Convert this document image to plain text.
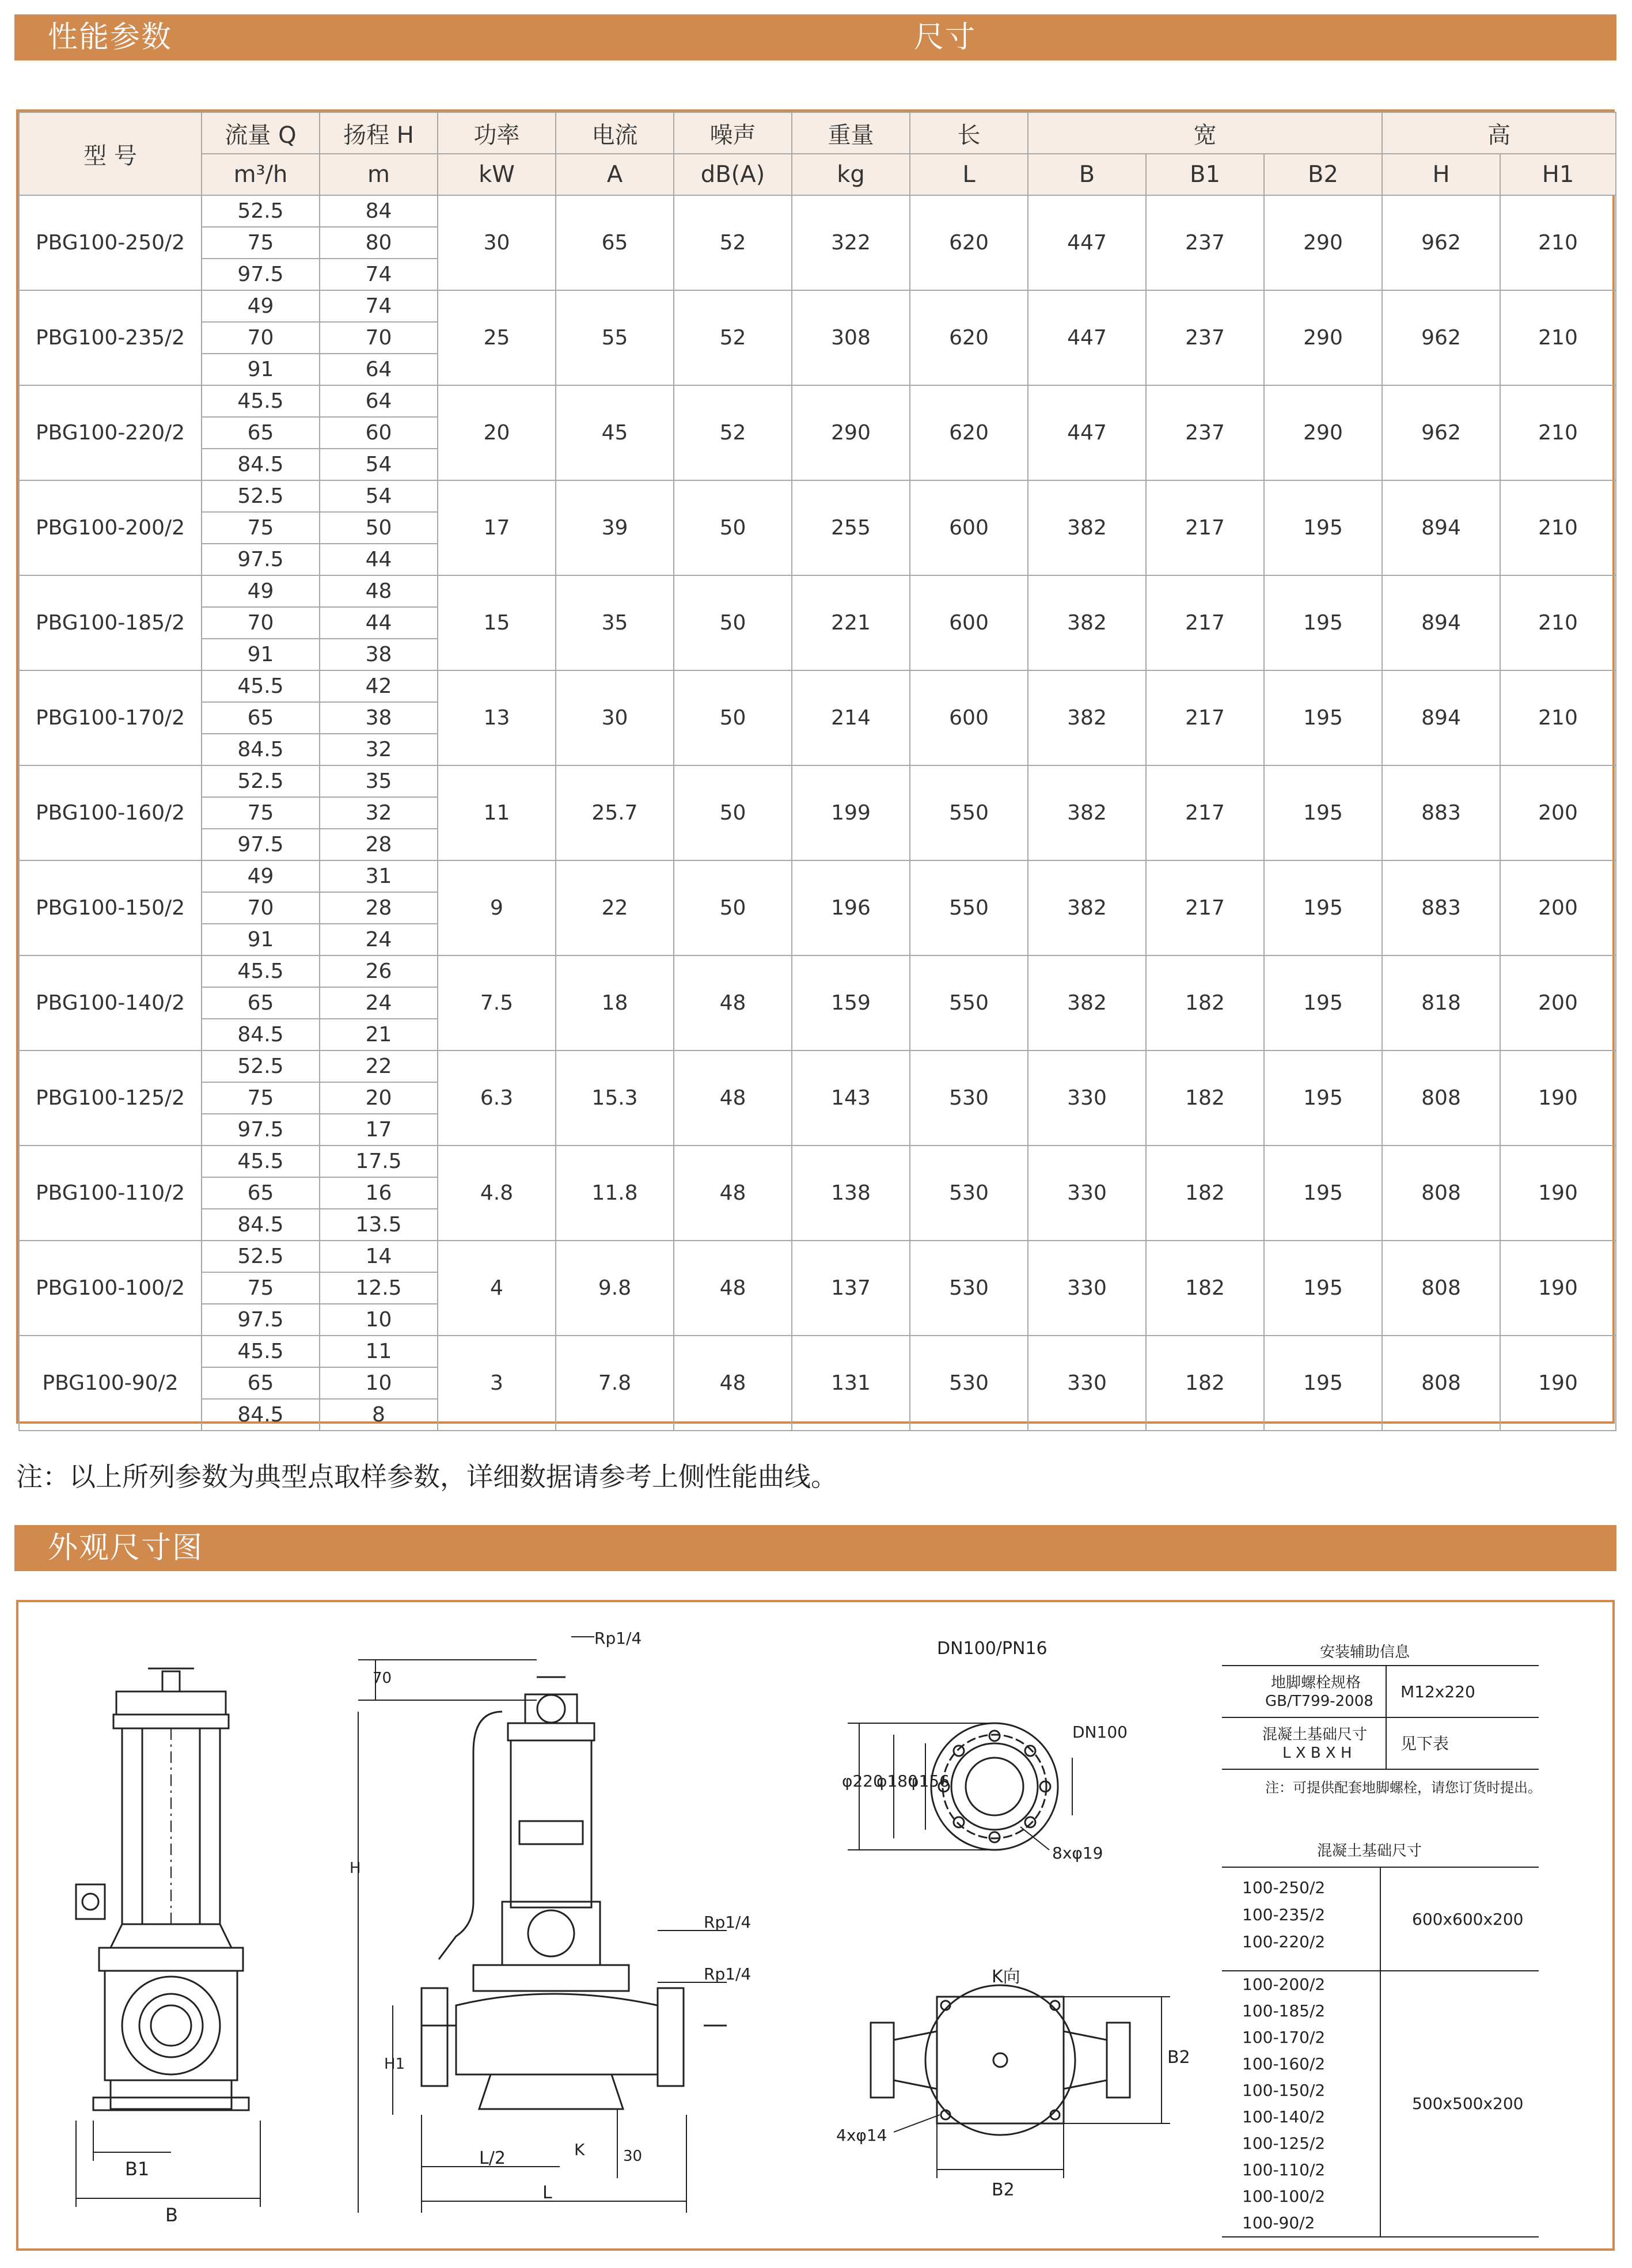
性能参数	尺寸
型 号	流量 Q	扬程 H	功率	电流	噪声	重量	长	宽			高	
	m³/h	m	kW	A	dB(A)	kg	L	B	B1	B2	H	H1
PBG100-250/2	52.5	84	30	65	52	322	620	447	237	290	962	210
	75	80										
	97.5	74										
PBG100-235/2	49	74	25	55	52	308	620	447	237	290	962	210
	70	70										
	91	64										
PBG100-220/2	45.5	64	20	45	52	290	620	447	237	290	962	210
	65	60										
	84.5	54										
PBG100-200/2	52.5	54	17	39	50	255	600	382	217	195	894	210
	75	50										
	97.5	44										
PBG100-185/2	49	48	15	35	50	221	600	382	217	195	894	210
	70	44										
	91	38										
PBG100-170/2	45.5	42	13	30	50	214	600	382	217	195	894	210
	65	38										
	84.5	32										
PBG100-160/2	52.5	35	11	25.7	50	199	550	382	217	195	883	200
	75	32										
	97.5	28										
PBG100-150/2	49	31	9	22	50	196	550	382	217	195	883	200
	70	28										
	91	24										
PBG100-140/2	45.5	26	7.5	18	48	159	550	382	182	195	818	200
	65	24										
	84.5	21										
PBG100-125/2	52.5	22	6.3	15.3	48	143	530	330	182	195	808	190
	75	20										
	97.5	17										
PBG100-110/2	45.5	17.5	4.8	11.8	48	138	530	330	182	195	808	190
	65	16										
	84.5	13.5										
PBG100-100/2	52.5	14	4	9.8	48	137	530	330	182	195	808	190
	75	12.5										
	97.5	10										
PBG100-90/2	45.5	11	3	7.8	48	131	530	330	182	195	808	190
	65	10										
	84.5	8										
注：以上所列参数为典型点取样参数，详细数据请参考上侧性能曲线。
外观尺寸图
B1
B
70
H
H1
L/2
L
K	30
Rp1/4
Rp1/4
Rp1/4
DN100/PN16
DN100
φ220
φ180
φ156
8xφ19
K向
4xφ14
B2
B2
安装辅助信息
地脚螺栓规格
GB/T799-2008 M12x220
混凝土基础尺寸
L X B X H	见下表
注：可提供配套地脚螺栓，请您订货时提出。
混凝土基础尺寸
100-250/2
100-235/2
100-220/2
600x600x200
100-200/2
100-185/2
100-170/2
100-160/2
100-150/2
100-140/2
100-125/2
100-110/2
100-100/2
100-90/2
500x500x200
